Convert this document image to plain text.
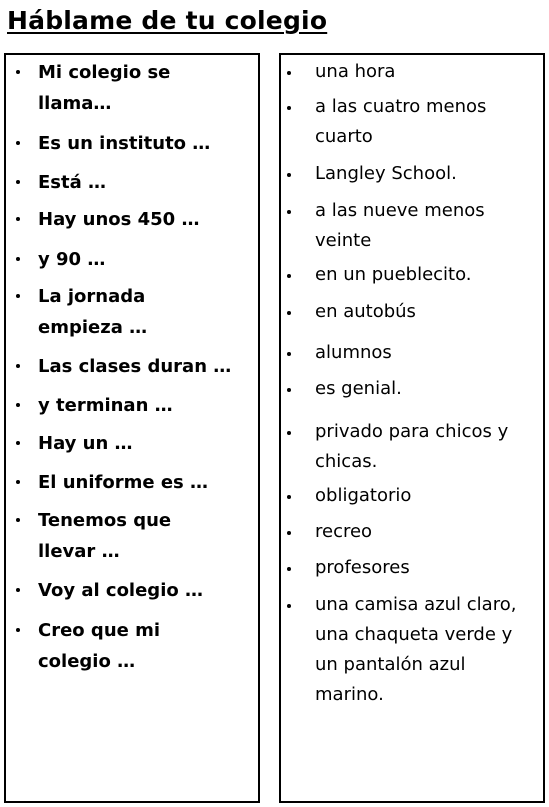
Háblame de tu colegio
Mi colegio se
llama…
Es un instituto …
Está …
Hay unos 450 …
y 90 …
La jornada
empieza …
Las clases duran …
y terminan …
Hay un …
El uniforme es …
Tenemos que
llevar …
Voy al colegio …
Creo que mi
colegio …
una hora
a las cuatro menos
cuarto
Langley School.
a las nueve menos
veinte
en un pueblecito.
en autobús
alumnos
es genial.
privado para chicos y
chicas.
obligatorio
recreo
profesores
una camisa azul claro,
una chaqueta verde y
un pantalón azul
marino.
